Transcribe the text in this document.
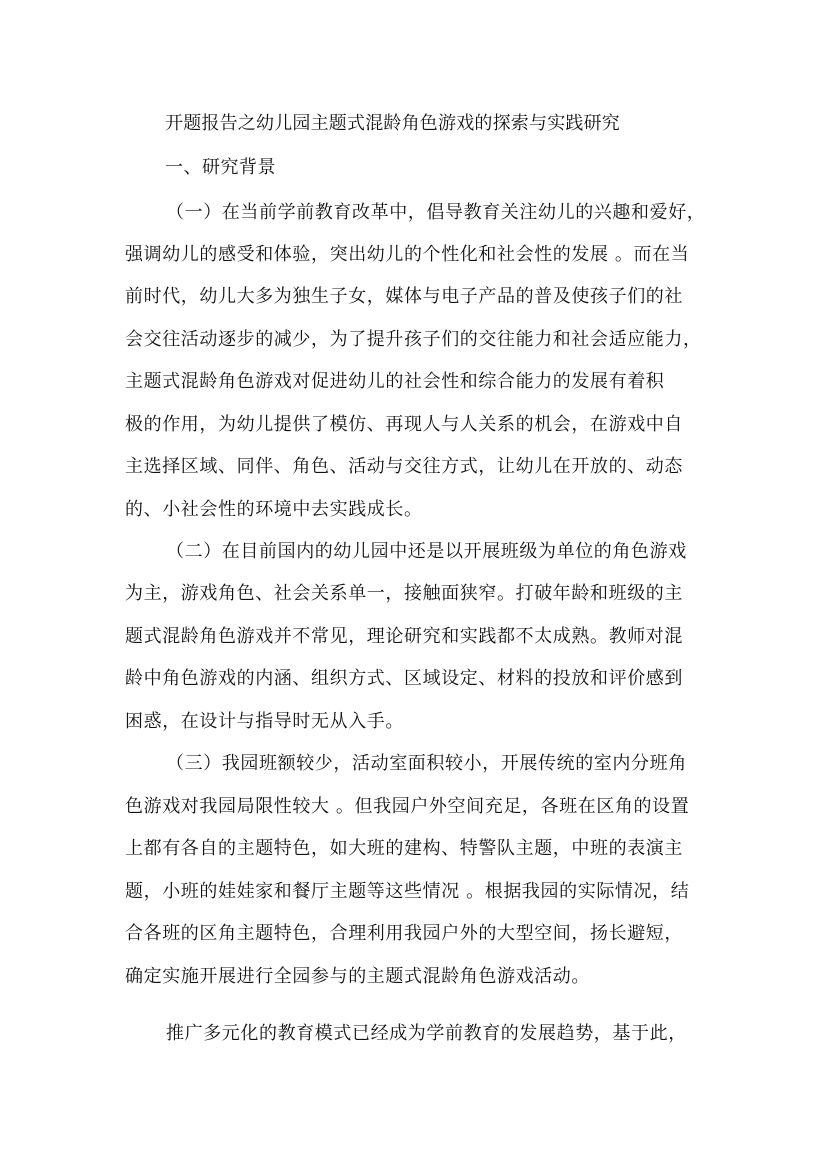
开题报告之幼儿园主题式混龄角色游戏的探索与实践研究
一、研究背景
（一）在当前学前教育改革中，倡导教育关注幼儿的兴趣和爱好，
强调幼儿的感受和体验，突出幼儿的个性化和社会性的发展 。而在当
前时代，幼儿大多为独生子女，媒体与电子产品的普及使孩子们的社
会交往活动逐步的减少，为了提升孩子们的交往能力和社会适应能力，
主题式混龄角色游戏对促进幼儿的社会性和综合能力的发展有着积
极的作用，为幼儿提供了模仿、再现人与人关系的机会，在游戏中自
主选择区域、同伴、角色、活动与交往方式，让幼儿在开放的、动态
的、小社会性的环境中去实践成长。
（二）在目前国内的幼儿园中还是以开展班级为单位的角色游戏
为主，游戏角色、社会关系单一，接触面狭窄。打破年龄和班级的主
题式混龄角色游戏并不常见，理论研究和实践都不太成熟。教师对混
龄中角色游戏的内涵、组织方式、区域设定、材料的投放和评价感到
困惑，在设计与指导时无从入手。
（三）我园班额较少，活动室面积较小，开展传统的室内分班角
色游戏对我园局限性较大 。但我园户外空间充足，各班在区角的设置
上都有各自的主题特色，如大班的建构、特警队主题，中班的表演主
题，小班的娃娃家和餐厅主题等这些情况 。根据我园的实际情况，结
合各班的区角主题特色，合理利用我园户外的大型空间，扬长避短，
确定实施开展进行全园参与的主题式混龄角色游戏活动。
推广多元化的教育模式已经成为学前教育的发展趋势，基于此，
